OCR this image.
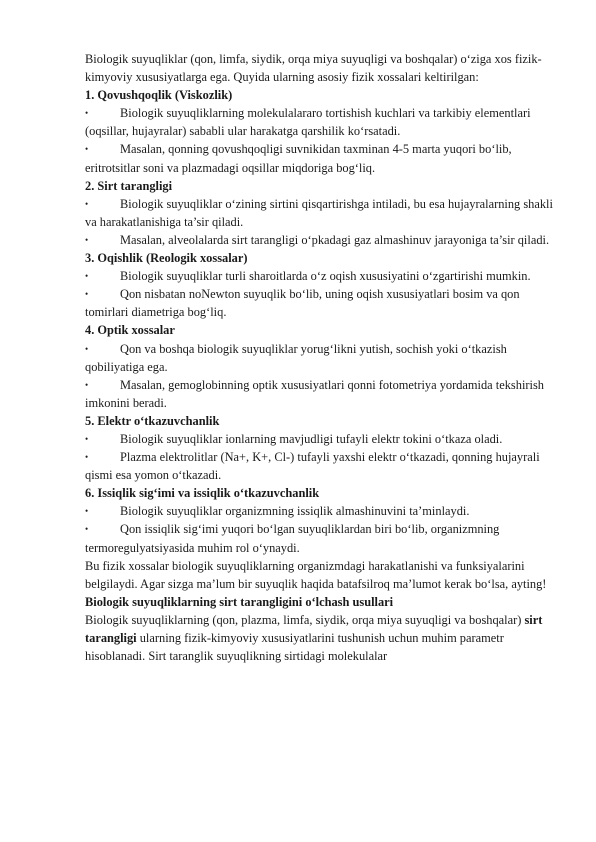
Biologik suyuqliklar (qon, limfa, siydik, orqa miya suyuqligi va boshqalar) o‘ziga xos fizik-kimyoviy xususiyatlarga ega. Quyida ularning asosiy fizik xossalari keltirilgan:

1. Qovushqoqlik (Viskozlik)

•	Biologik suyuqliklarning molekulalararo tortishish kuchlari va tarkibiy elementlari (oqsillar, hujayralar) sababli ular harakatga qarshilik ko‘rsatadi.

•	Masalan, qonning qovushqoqligi suvnikidan taxminan 4-5 marta yuqori bo‘lib, eritrotsitlar soni va plazmadagi oqsillar miqdoriga bog‘liq.

2. Sirt tarangligi

•	Biologik suyuqliklar o‘zining sirtini qisqartirishga intiladi, bu esa hujayralarning shakli va harakatlanishiga ta’sir qiladi.

•	Masalan, alveolalarda sirt tarangligi o‘pkadagi gaz almashinuv jarayoniga ta’sir qiladi.

3. Oqishlik (Reologik xossalar)

•	Biologik suyuqliklar turli sharoitlarda o‘z oqish xususiyatini o‘zgartirishi mumkin.

•	Qon nisbatan noNewton suyuqlik bo‘lib, uning oqish xususiyatlari bosim va qon tomirlari diametriga bog‘liq.

4. Optik xossalar

•	Qon va boshqa biologik suyuqliklar yorug‘likni yutish, sochish yoki o‘tkazish qobiliyatiga ega.

•	Masalan, gemoglobinning optik xususiyatlari qonni fotometriya yordamida tekshirish imkonini beradi.

5. Elektr o‘tkazuvchanlik

•	Biologik suyuqliklar ionlarning mavjudligi tufayli elektr tokini o‘tkaza oladi.

•	Plazma elektrolitlar (Na+, K+, Cl-) tufayli yaxshi elektr o‘tkazadi, qonning hujayrali qismi esa yomon o‘tkazadi.

6. Issiqlik sig‘imi va issiqlik o‘tkazuvchanlik

•	Biologik suyuqliklar organizmning issiqlik almashinuvini ta’minlaydi.

•	Qon issiqlik sig‘imi yuqori bo‘lgan suyuqliklardan biri bo‘lib, organizmning termoregulyatsiyasida muhim rol o‘ynaydi.

Bu fizik xossalar biologik suyuqliklarning organizmdagi harakatlanishi va funksiyalarini belgilaydi. Agar sizga ma’lum bir suyuqlik haqida batafsilroq ma’lumot kerak bo‘lsa, ayting!

Biologik suyuqliklarning sirt tarangligini o‘lchash usullari

Biologik suyuqliklarning (qon, plazma, limfa, siydik, orqa miya suyuqligi va boshqalar) sirt tarangligi ularning fizik-kimyoviy xususiyatlarini tushunish uchun muhim parametr hisoblanadi. Sirt taranglik suyuqlikning sirtidagi molekulalar
